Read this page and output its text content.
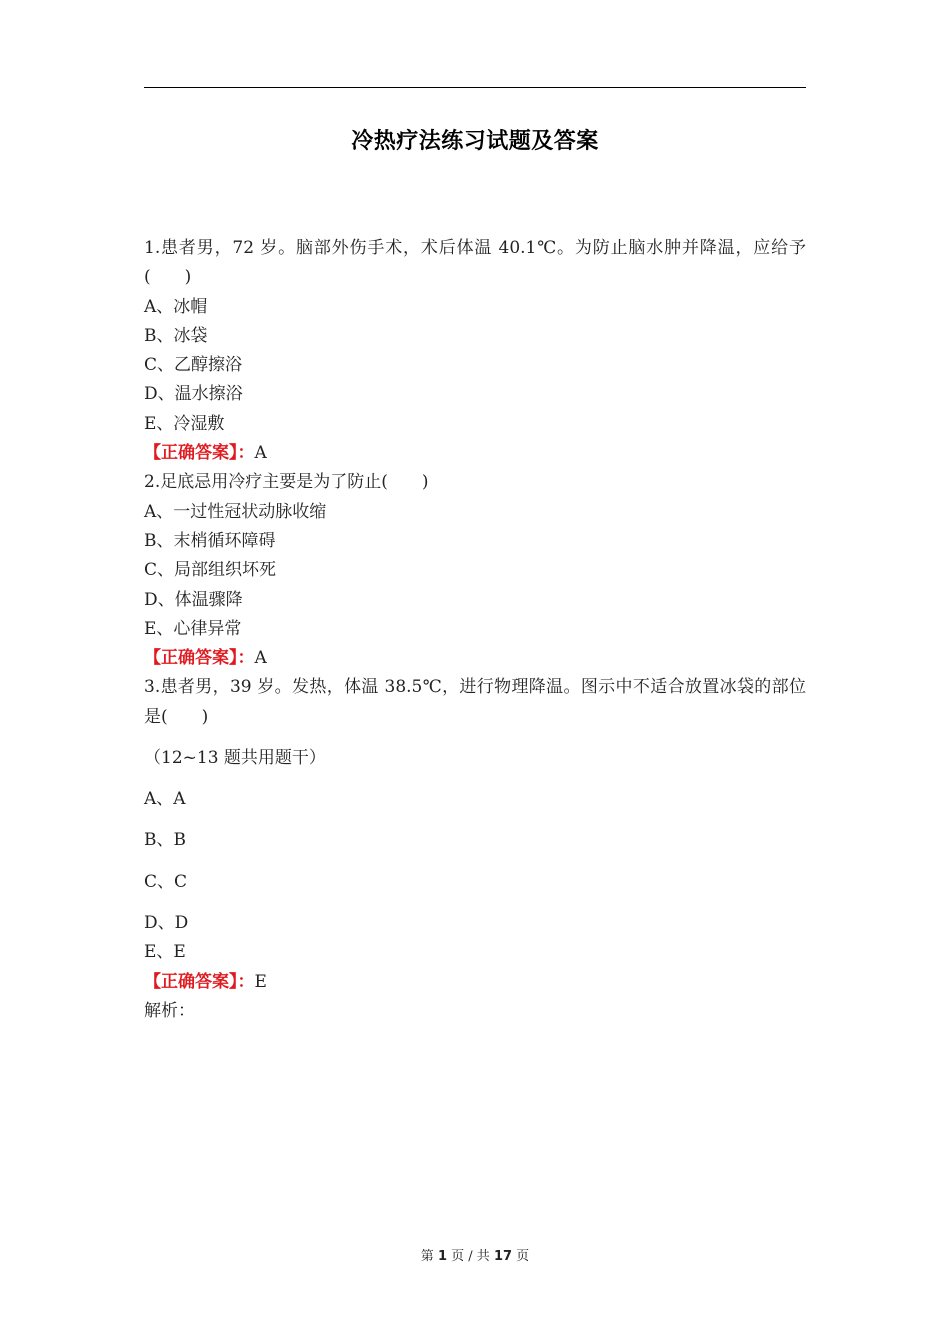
冷热疗法练习试题及答案
1.患者男，72 岁。脑部外伤手术，术后体温 40.1℃。为防止脑水肿并降温，应给予(　　)
A、冰帽
B、冰袋
C、乙醇擦浴
D、温水擦浴
E、冷湿敷
【正确答案】：A
2.足底忌用冷疗主要是为了防止(　　)
A、一过性冠状动脉收缩
B、末梢循环障碍
C、局部组织坏死
D、体温骤降
E、心律异常
【正确答案】：A
3.患者男，39 岁。发热，体温 38.5℃，进行物理降温。图示中不适合放置冰袋的部位是(　　)
（12~13 题共用题干）
A、A
B、B
C、C
D、D
E、E
【正确答案】：E
解析：
第 1 页 / 共 17 页
